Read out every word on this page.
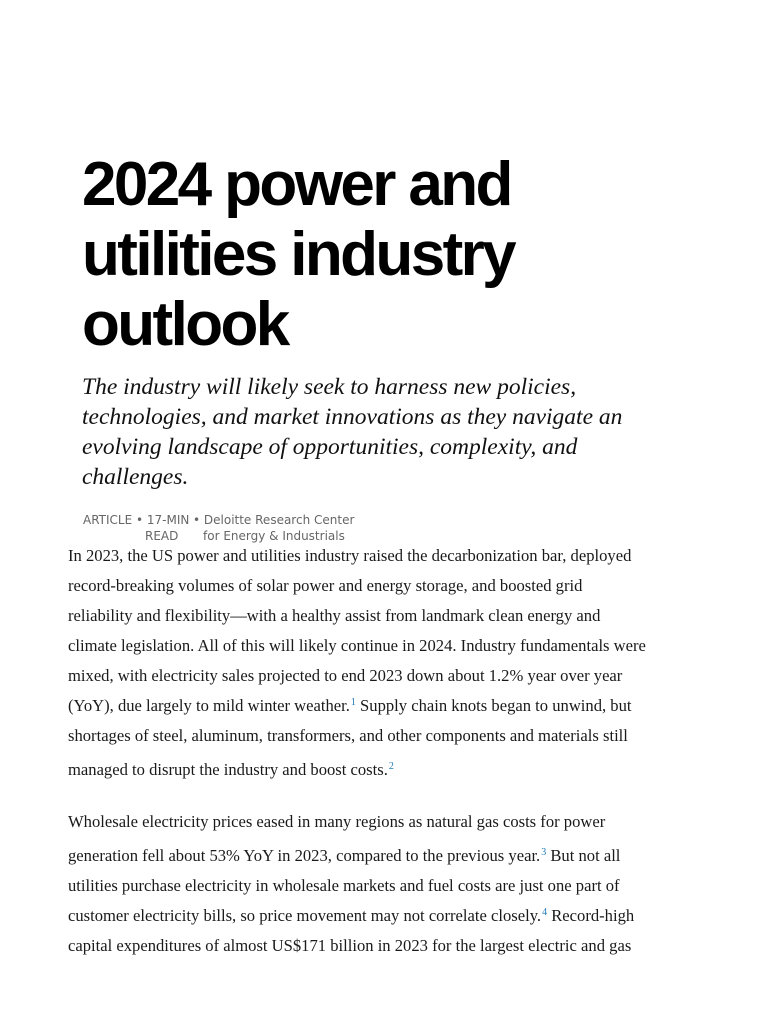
2024 power and
utilities industry
outlook

The industry will likely seek to harness new policies,
technologies, and market innovations as they navigate an
evolving landscape of opportunities, complexity, and
challenges.

ARTICLE • 17-MIN
READ
• Deloitte Research Center
for Energy & Industrials
In 2023, the US power and utilities industry raised the decarbonization bar, deployed
record-breaking volumes of solar power and energy storage, and boosted grid
reliability and flexibility—with a healthy assist from landmark clean energy and
climate legislation. All of this will likely continue in 2024. Industry fundamentals were
mixed, with electricity sales projected to end 2023 down about 1.2% year over year
(YoY), due largely to mild winter weather.$^1$ Supply chain knots began to unwind, but
shortages of steel, aluminum, transformers, and other components and materials still
managed to disrupt the industry and boost costs.$^2$
Wholesale electricity prices eased in many regions as natural gas costs for power
generation fell about 53% YoY in 2023, compared to the previous year.$^3$ But not all
utilities purchase electricity in wholesale markets and fuel costs are just one part of
customer electricity bills, so price movement may not correlate closely.$^4$ Record-high
capital expenditures of almost US$171 billion in 2023 for the largest electric and gas
